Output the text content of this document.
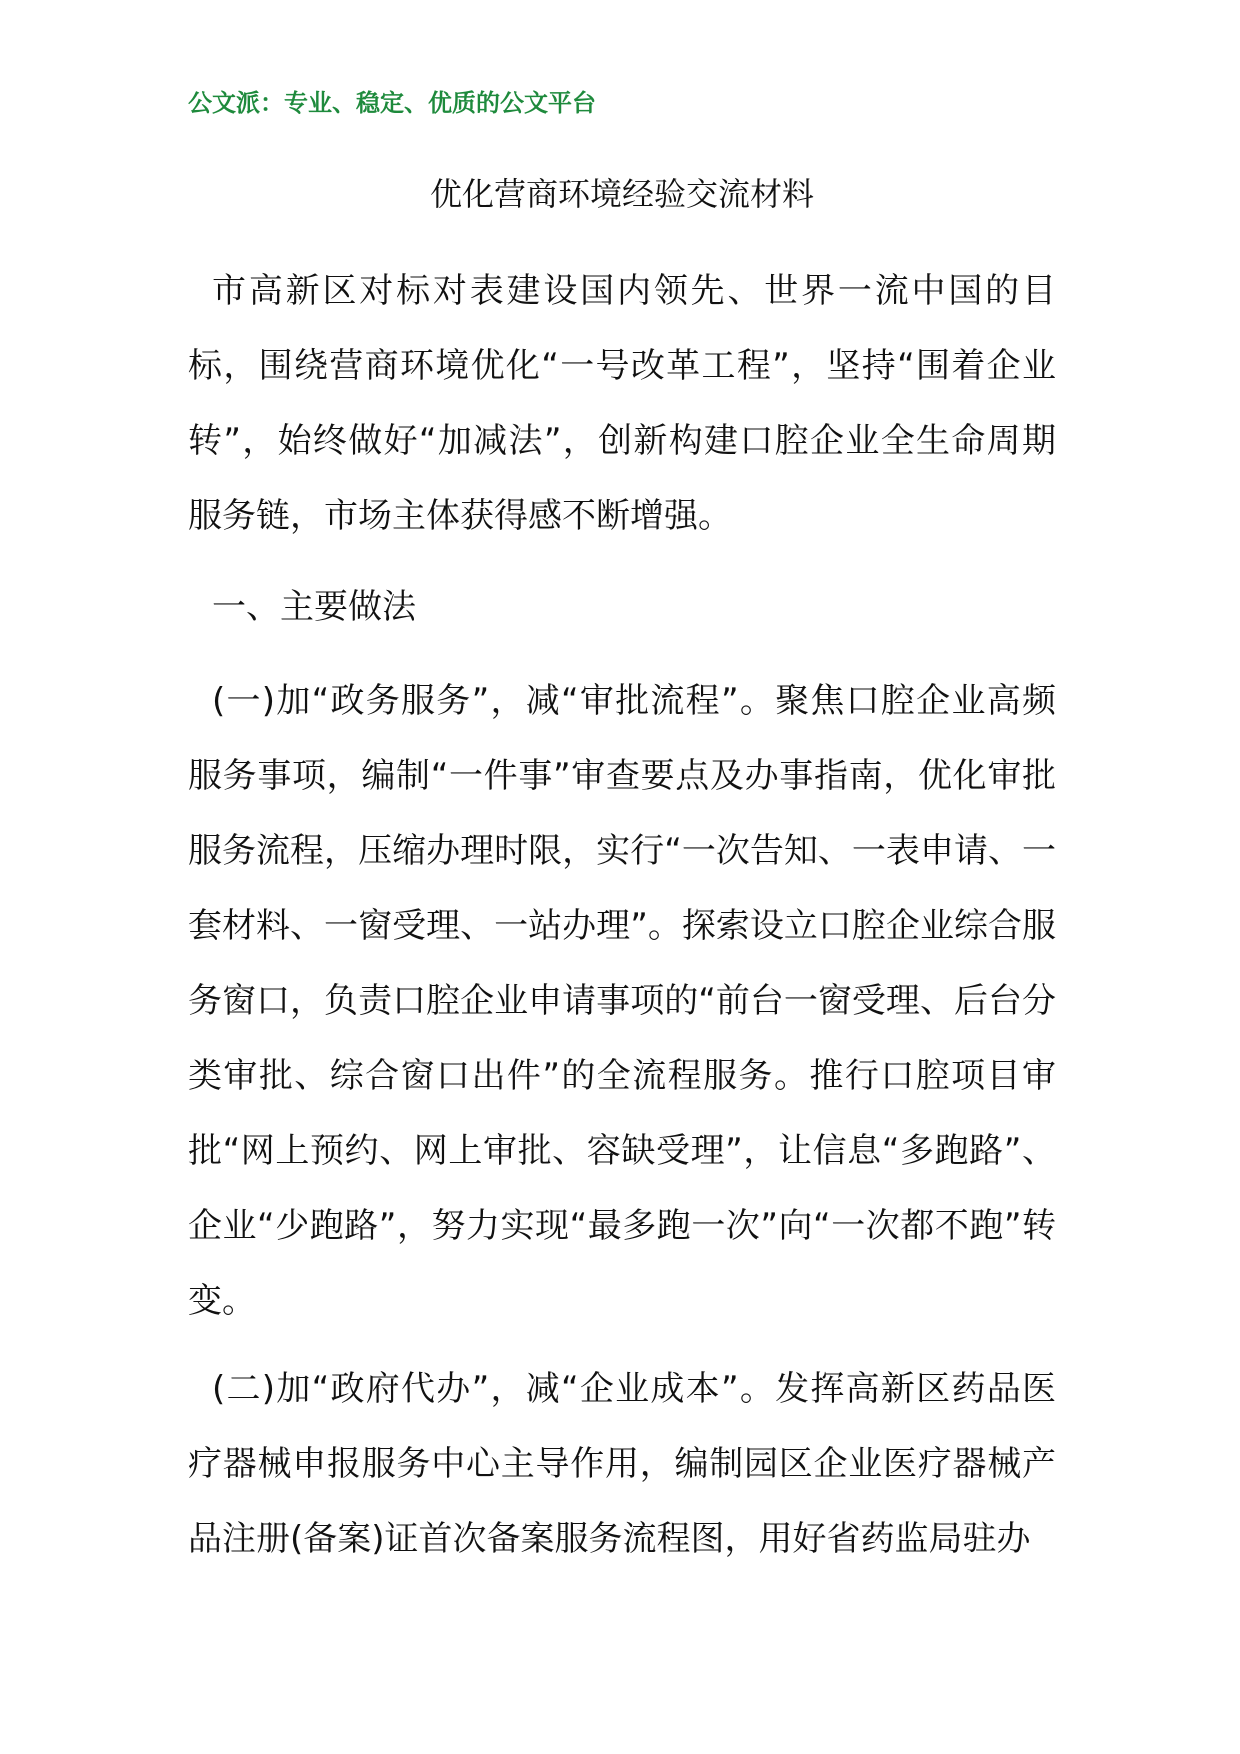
公文派：专业、稳定、优质的公文平台
优化营商环境经验交流材料

市高新区对标对表建设国内领先、世界一流中国的目标，围绕营商环境优化“一号改革工程”，坚持“围着企业转”，始终做好“加减法”，创新构建口腔企业全生命周期服务链，市场主体获得感不断增强。

一、主要做法

(一)加“政务服务”，减“审批流程”。聚焦口腔企业高频服务事项，编制“一件事”审查要点及办事指南，优化审批服务流程，压缩办理时限，实行“一次告知、一表申请、一套材料、一窗受理、一站办理”。探索设立口腔企业综合服务窗口，负责口腔企业申请事项的“前台一窗受理、后台分类审批、综合窗口出件”的全流程服务。推行口腔项目审批“网上预约、网上审批、容缺受理”，让信息“多跑路”、企业“少跑路”，努力实现“最多跑一次”向“一次都不跑”转变。

(二)加“政府代办”，减“企业成本”。发挥高新区药品医疗器械申报服务中心主导作用，编制园区企业医疗器械产品注册(备案)证首次备案服务流程图，用好省药监局驻办
